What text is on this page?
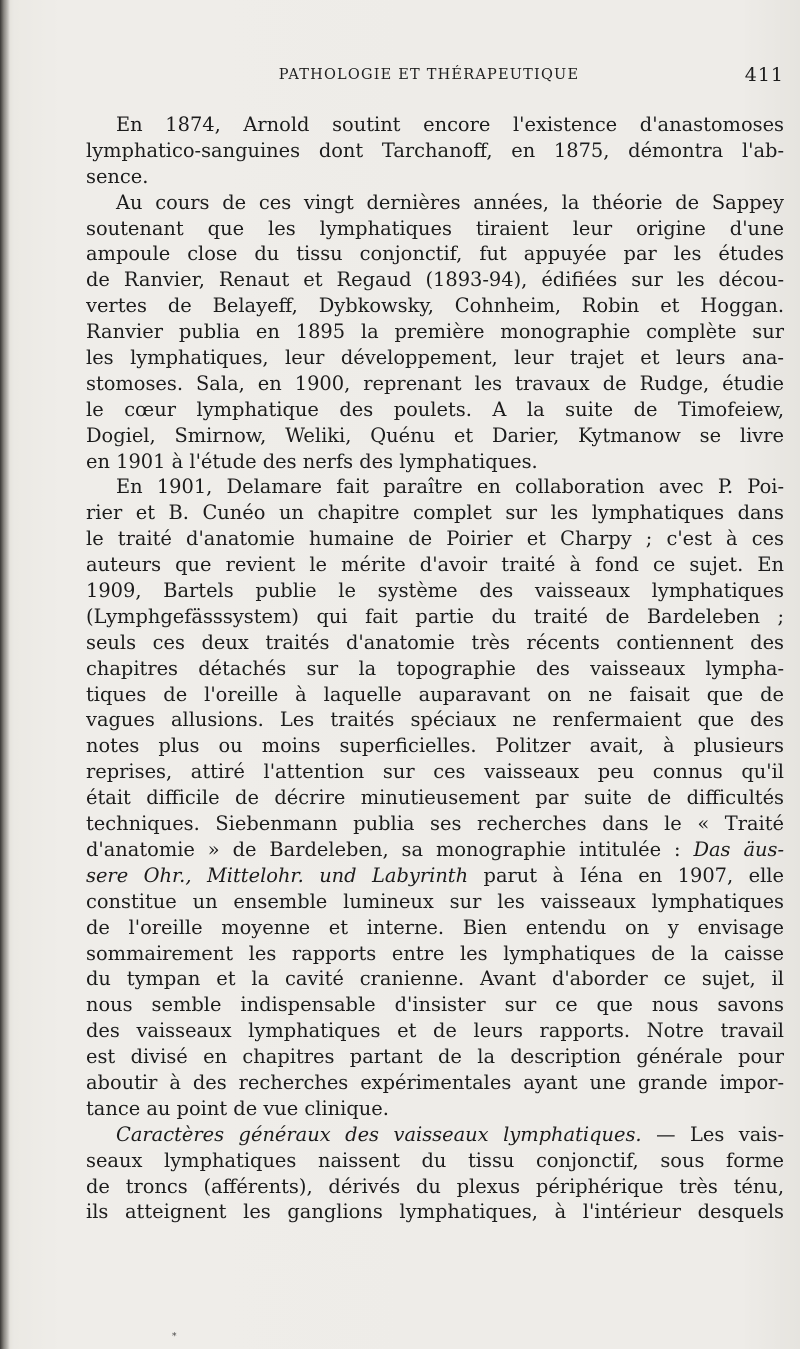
PATHOLOGIE ET THÉRAPEUTIQUE	411
En 1874, Arnold soutint encore l'existence d'anastomoses
lymphatico-sanguines dont Tarchanoff, en 1875, démontra l'ab-
sence.
Au cours de ces vingt dernières années, la théorie de Sappey
soutenant que les lymphatiques tiraient leur origine d'une
ampoule close du tissu conjonctif, fut appuyée par les études
de Ranvier, Renaut et Regaud (1893-94), édifiées sur les décou-
vertes de Belayeff, Dybkowsky, Cohnheim, Robin et Hoggan.
Ranvier publia en 1895 la première monographie complète sur
les lymphatiques, leur développement, leur trajet et leurs ana-
stomoses. Sala, en 1900, reprenant les travaux de Rudge, étudie
le cœur lymphatique des poulets. A la suite de Timofeiew,
Dogiel, Smirnow, Weliki, Quénu et Darier, Kytmanow se livre
en 1901 à l'étude des nerfs des lymphatiques.
En 1901, Delamare fait paraître en collaboration avec P. Poi-
rier et B. Cunéo un chapitre complet sur les lymphatiques dans
le traité d'anatomie humaine de Poirier et Charpy ; c'est à ces
auteurs que revient le mérite d'avoir traité à fond ce sujet. En
1909, Bartels publie le système des vaisseaux lymphatiques
(Lymphgefässsystem) qui fait partie du traité de Bardeleben ;
seuls ces deux traités d'anatomie très récents contiennent des
chapitres détachés sur la topographie des vaisseaux lympha-
tiques de l'oreille à laquelle auparavant on ne faisait que de
vagues allusions. Les traités spéciaux ne renfermaient que des
notes plus ou moins superficielles. Politzer avait, à plusieurs
reprises, attiré l'attention sur ces vaisseaux peu connus qu'il
était difficile de décrire minutieusement par suite de difficultés
techniques. Siebenmann publia ses recherches dans le « Traité
d'anatomie » de Bardeleben, sa monographie intitulée : Das äus-
sere Ohr., Mittelohr. und Labyrinth parut à Iéna en 1907, elle
constitue un ensemble lumineux sur les vaisseaux lymphatiques
de l'oreille moyenne et interne. Bien entendu on y envisage
sommairement les rapports entre les lymphatiques de la caisse
du tympan et la cavité cranienne. Avant d'aborder ce sujet, il
nous semble indispensable d'insister sur ce que nous savons
des vaisseaux lymphatiques et de leurs rapports. Notre travail
est divisé en chapitres partant de la description générale pour
aboutir à des recherches expérimentales ayant une grande impor-
tance au point de vue clinique.
Caractères généraux des vaisseaux lymphatiques. — Les vais-
seaux lymphatiques naissent du tissu conjonctif, sous forme
de troncs (afférents), dérivés du plexus périphérique très ténu,
ils atteignent les ganglions lymphatiques, à l'intérieur desquels
*
